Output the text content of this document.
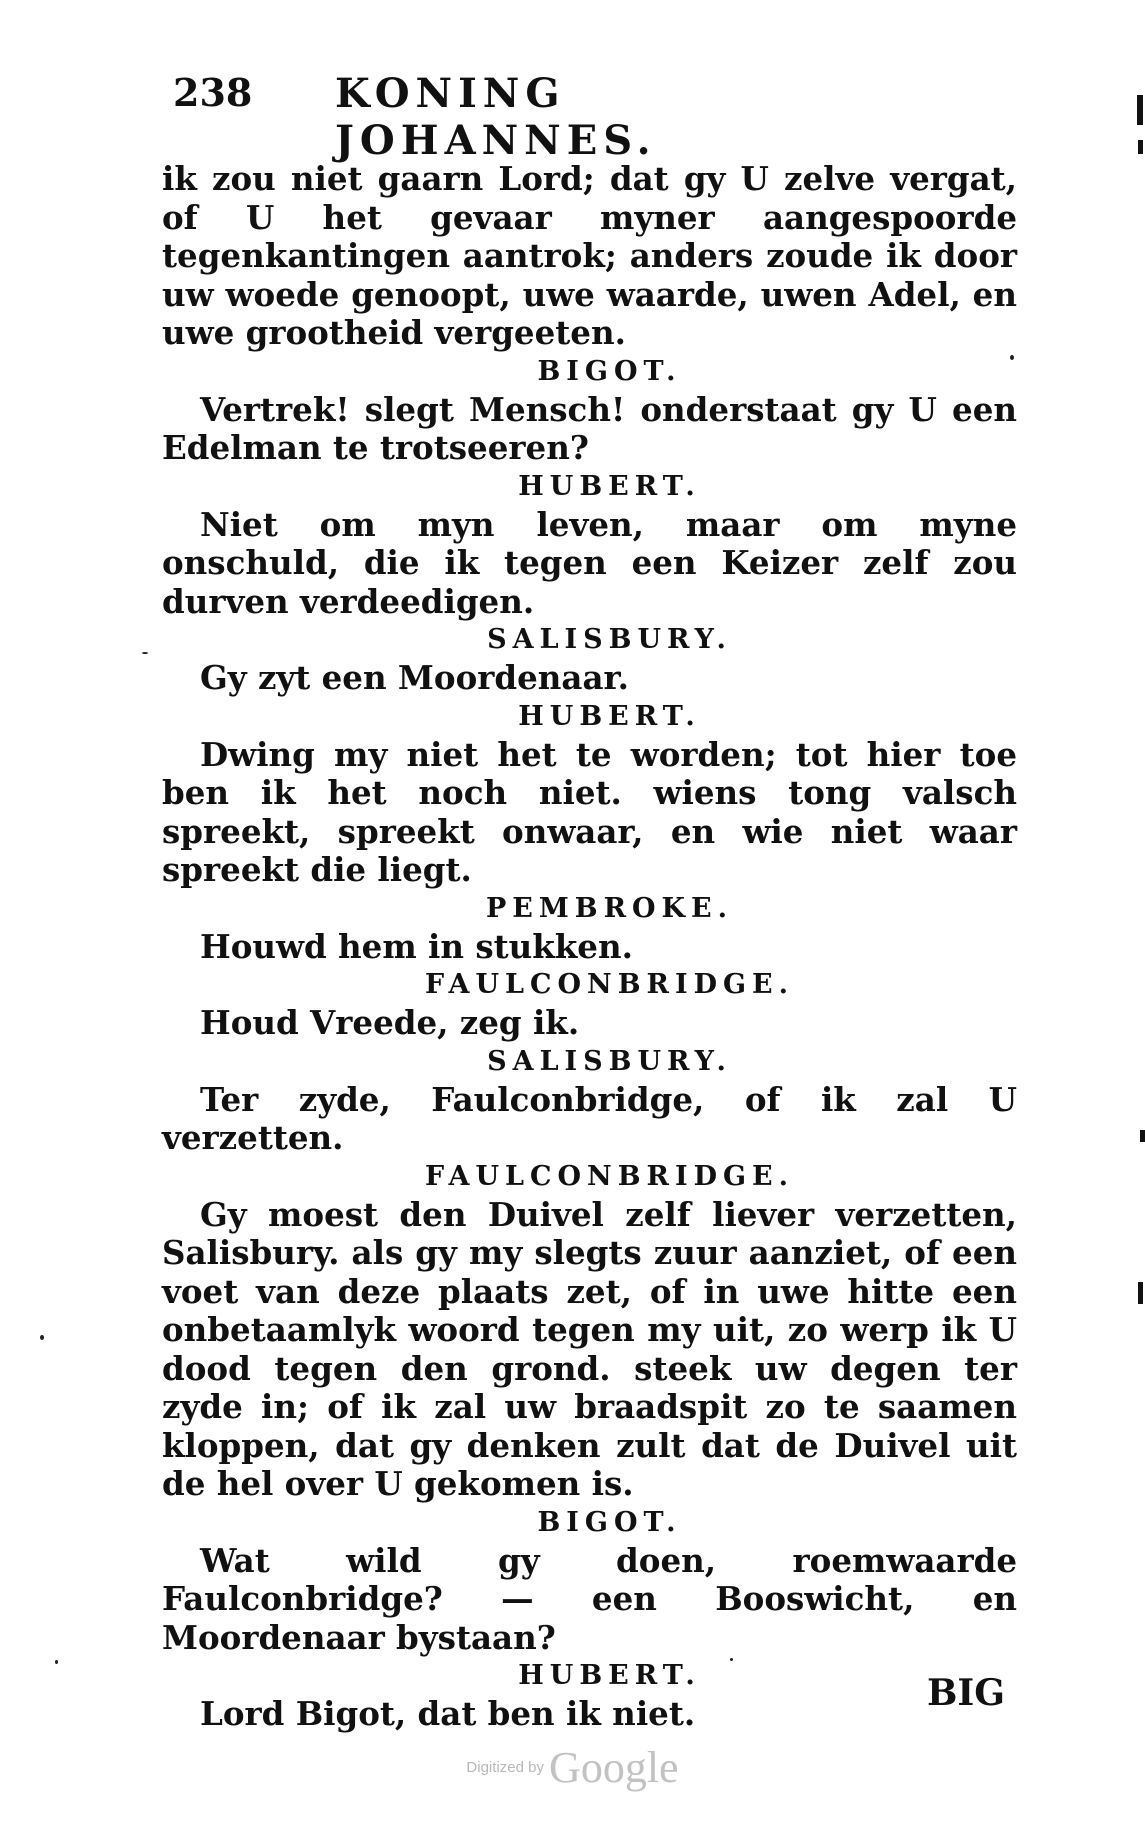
238 KONING JOHANNES.

ik zou niet gaarn Lord; dat gy U zelve vergat, of U het gevaar myner aangespoorde tegenkantingen aantrok; anders zoude ik door uw woede genoopt, uwe waarde, uwen Adel, en uwe grootheid vergeeten.

BIGOT.

Vertrek! slegt Mensch! onderstaat gy U een Edelman te trotseeren?

HUBERT.

Niet om myn leven, maar om myne onschuld, die ik tegen een Keizer zelf zou durven verdeedigen.

SALISBURY.

Gy zyt een Moordenaar.

HUBERT.

Dwing my niet het te worden; tot hier toe ben ik het noch niet. wiens tong valsch spreekt, spreekt onwaar, en wie niet waar spreekt die liegt.

PEMBROKE.

Houwd hem in stukken.

FAULCONBRIDGE.

Houd Vreede, zeg ik.

SALISBURY.

Ter zyde, Faulconbridge, of ik zal U verzetten.

FAULCONBRIDGE.

Gy moest den Duivel zelf liever verzetten, Salisbury. als gy my slegts zuur aanziet, of een voet van deze plaats zet, of in uwe hitte een onbetaamlyk woord tegen my uit, zo werp ik U dood tegen den grond. steek uw degen ter zyde in; of ik zal uw braadspit zo te saamen kloppen, dat gy denken zult dat de Duivel uit de hel over U gekomen is.

BIGOT.

Wat wild gy doen, roemwaarde Faulconbridge? — een Booswicht, en Moordenaar bystaan?

HUBERT.

Lord Bigot, dat ben ik niet.	BIG
Digitized by Google
